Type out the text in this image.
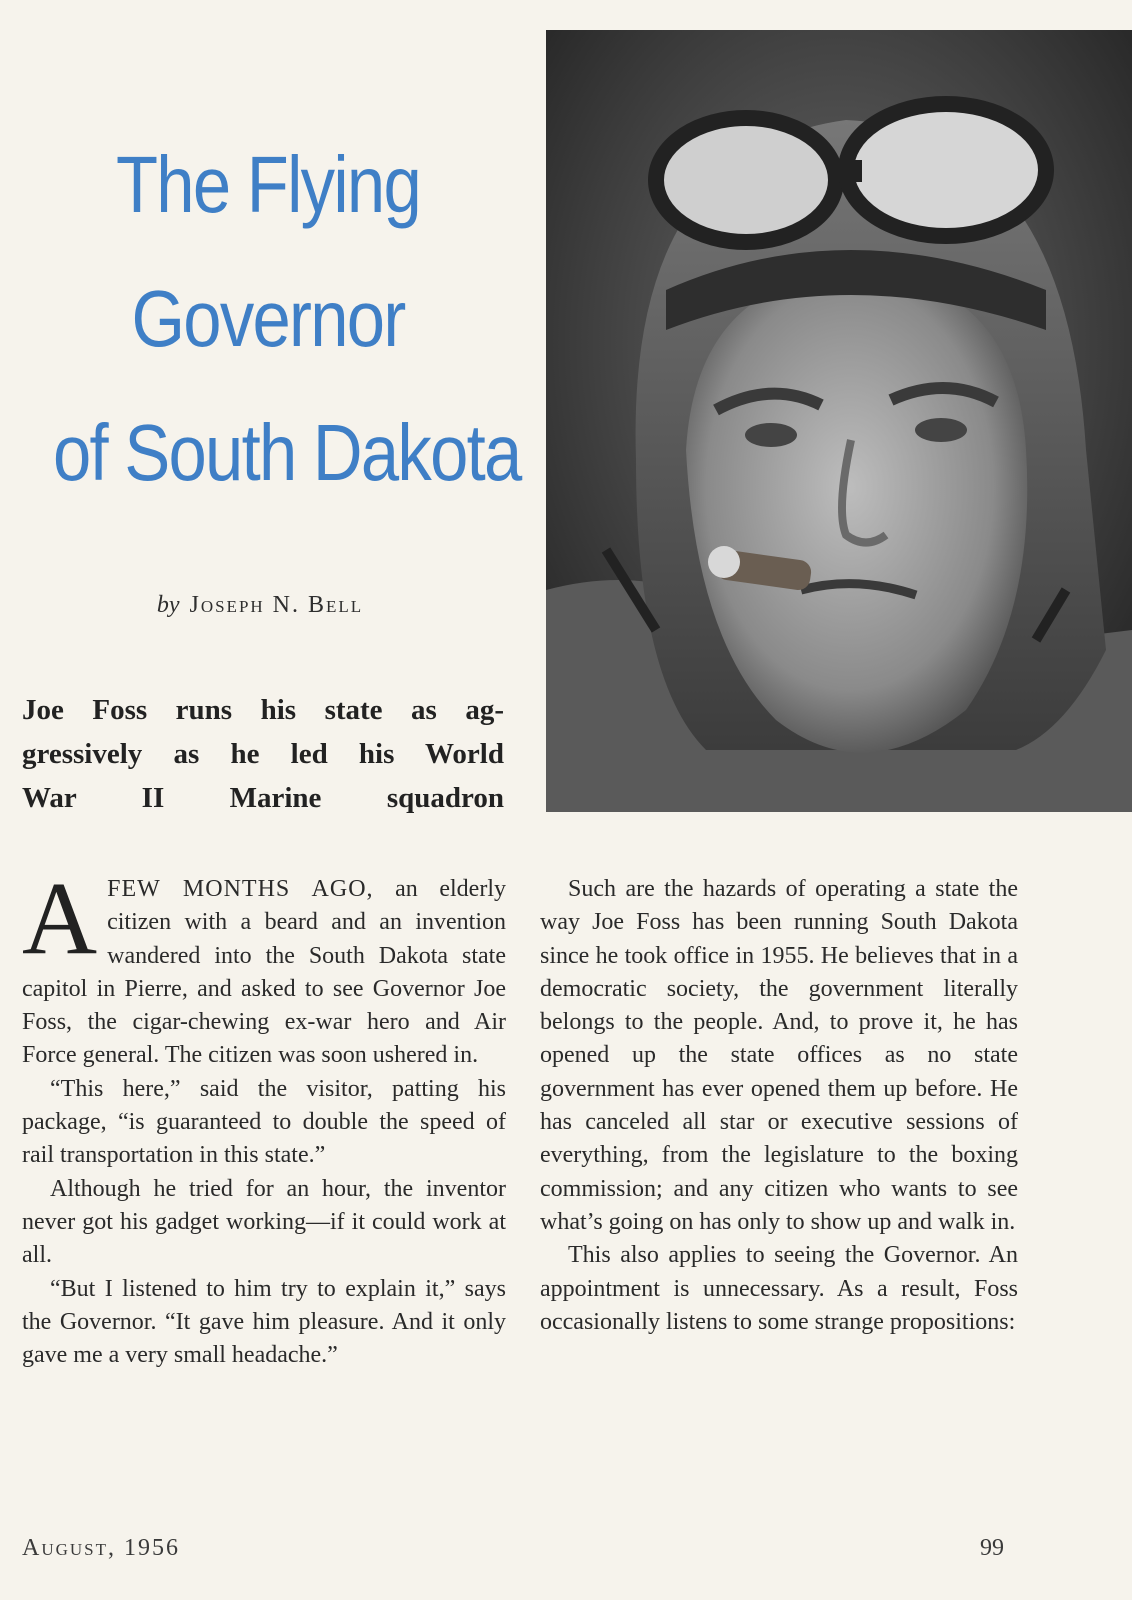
The Flying
Governor
of South Dakota
by Joseph N. Bell
Joe Foss runs his state as ag-
gressively as he led his World
War II Marine squadron

AFEW MONTHS AGO, an elderly citizen with a beard and an invention wandered into the South Dakota state capitol in Pierre, and asked to see Governor Joe Foss, the cigar-chewing ex-war hero and Air Force general. The citizen was soon ushered in.

“This here,” said the visitor, patting his package, “is guaranteed to double the speed of rail transportation in this state.”

Although he tried for an hour, the inventor never got his gadget working—if it could work at all.

“But I listened to him try to explain it,” says the Governor. “It gave him pleasure. And it only gave me a very small headache.”

Such are the hazards of operating a state the way Joe Foss has been running South Dakota since he took office in 1955. He believes that in a democratic society, the government literally belongs to the people. And, to prove it, he has opened up the state offices as no state government has ever opened them up before. He has canceled all star or executive sessions of everything, from the legislature to the boxing commission; and any citizen who wants to see what’s going on has only to show up and walk in.

This also applies to seeing the Governor. An appointment is unnecessary. As a result, Foss occasionally listens to some strange propositions:

August, 1956	99
